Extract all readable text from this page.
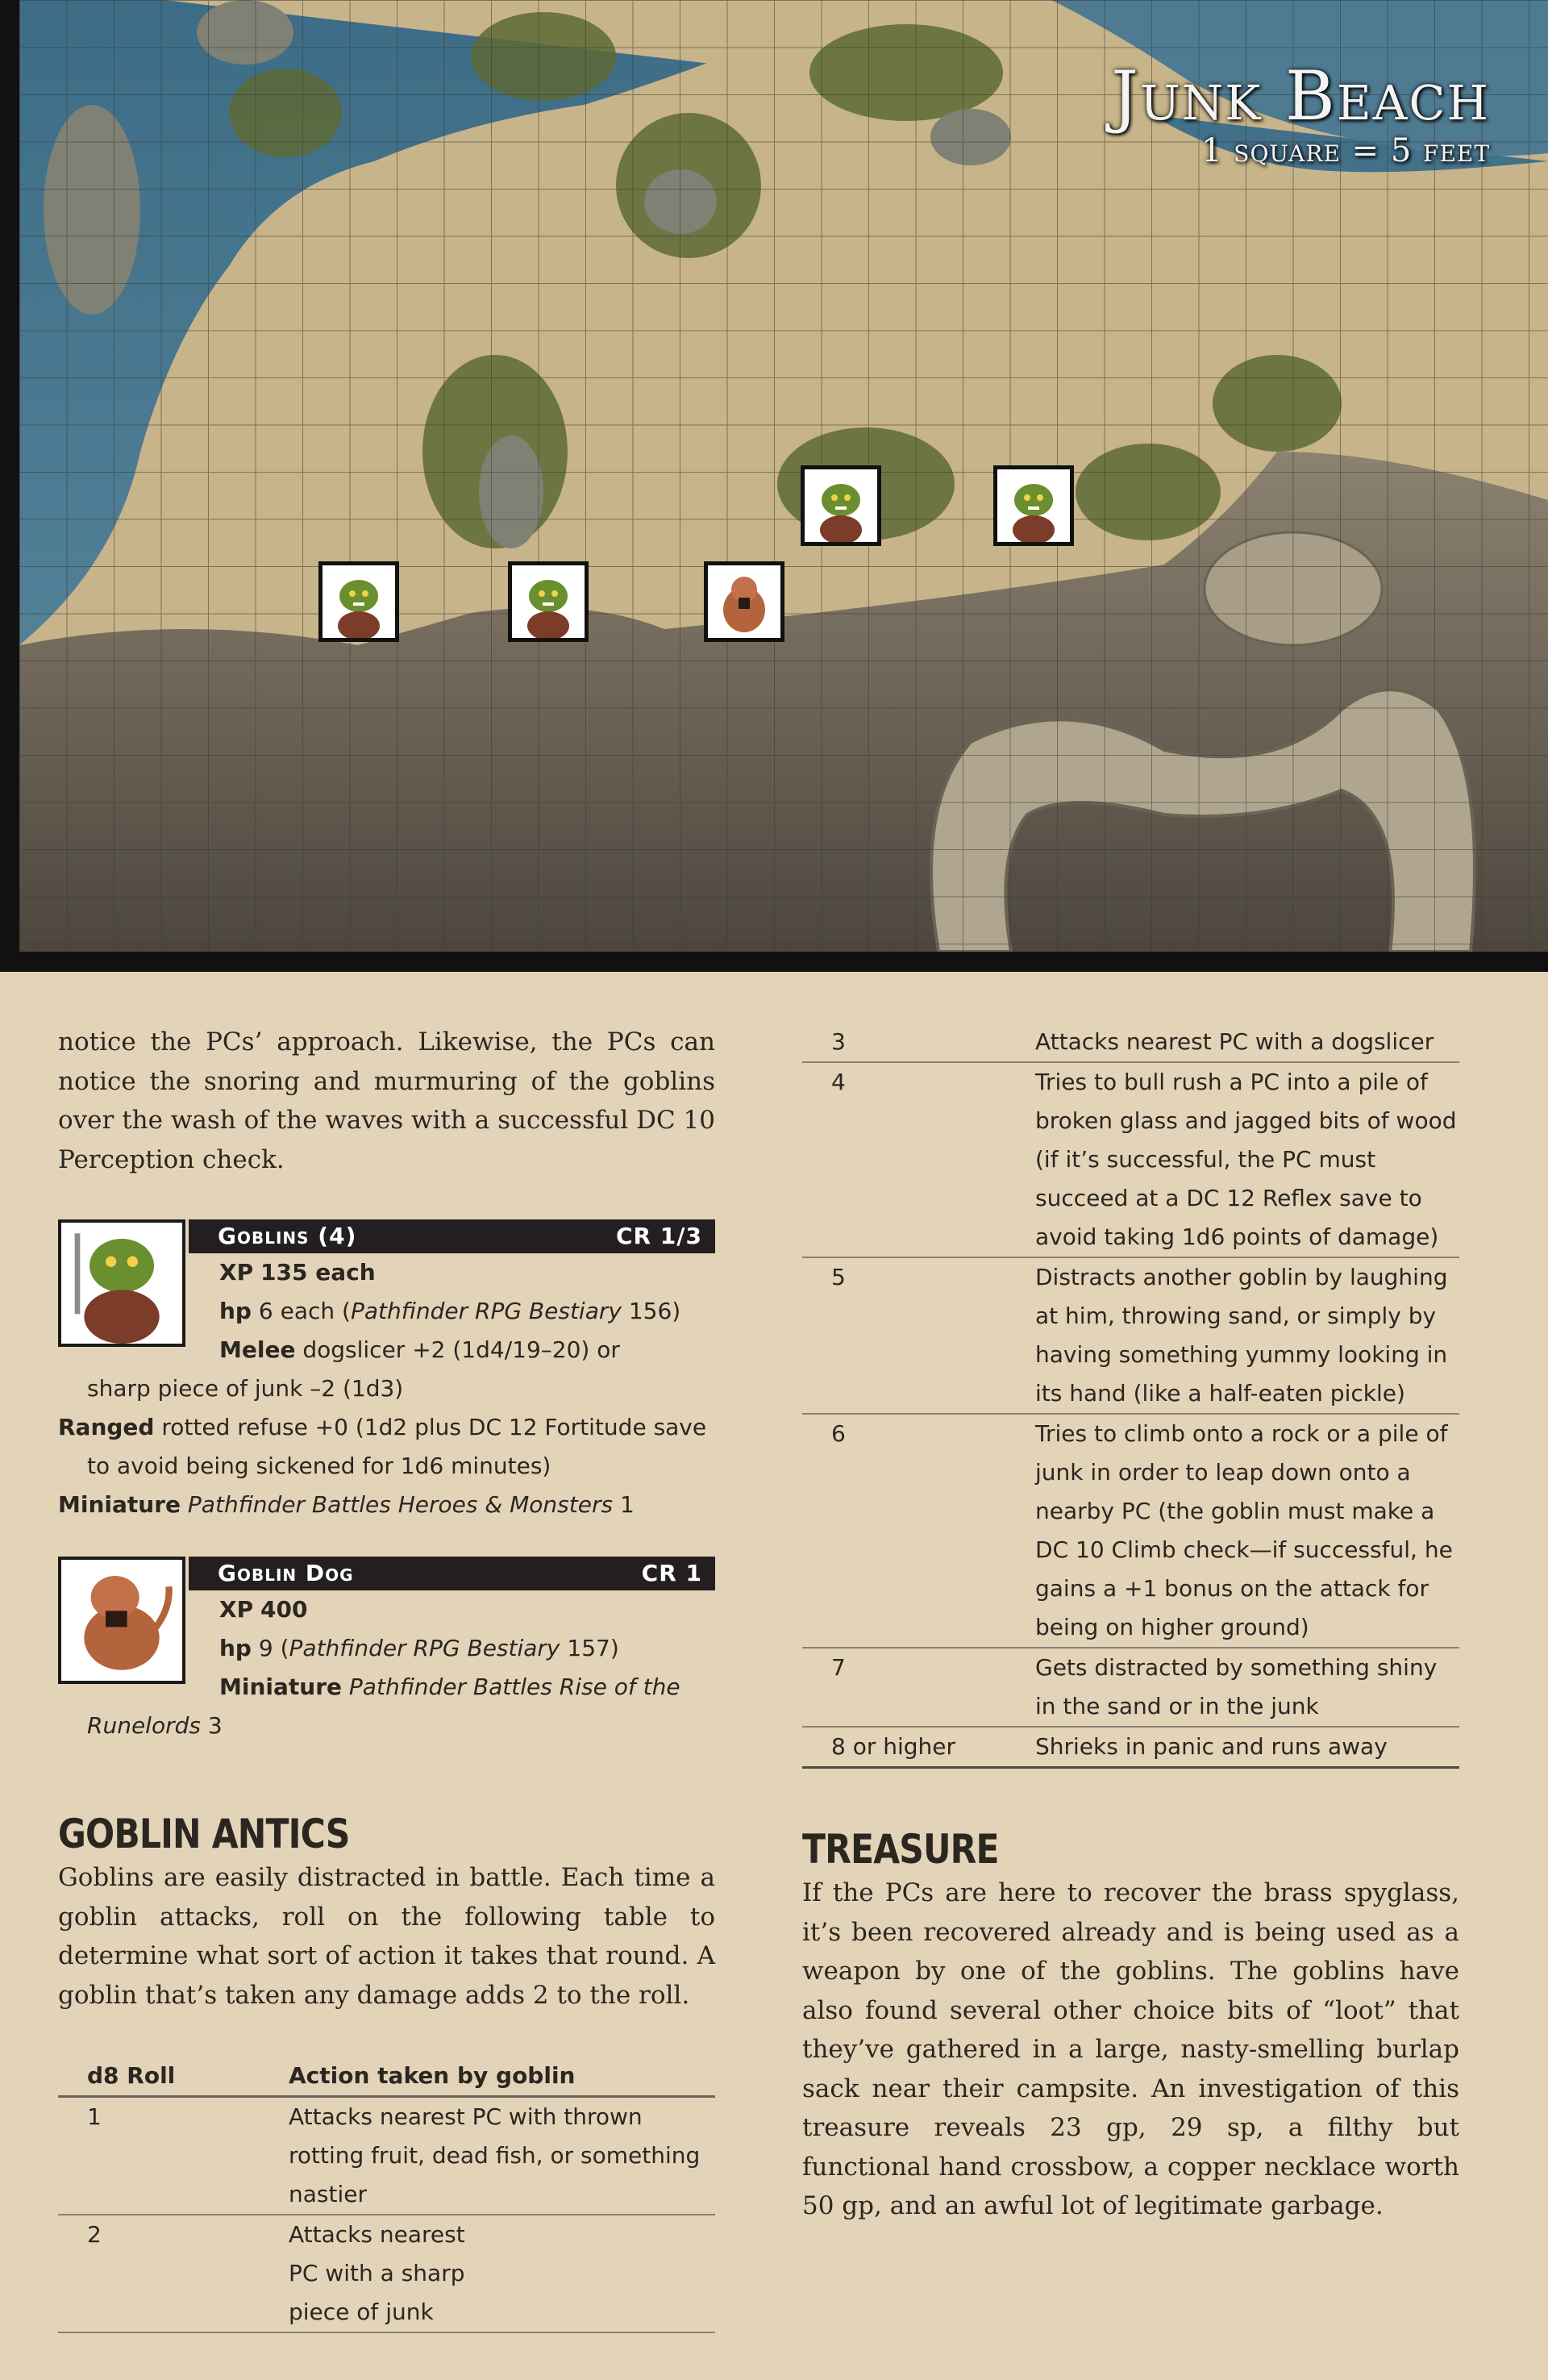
Junk Beach
1 square = 5 feet

notice the PCs’ approach. Likewise, the PCs can notice the snoring and murmuring of the goblins over the wash of the waves with a successful DC 10 Perception check.

Goblins (4)	CR 1/3
XP 135 each
hp 6 each (Pathfinder RPG Bestiary 156)
Melee dogslicer +2 (1d4/19–20) or
sharp piece of junk –2 (1d3)
Ranged rotted refuse +0 (1d2 plus DC 12 Fortitude save to avoid being sickened for 1d6 minutes)
Miniature Pathfinder Battles Heroes & Monsters 1
Goblin Dog	CR 1
XP 400
hp 9 (Pathfinder RPG Bestiary 157)
Miniature Pathfinder Battles Rise of the
Runelords 3
GOBLIN ANTICS

Goblins are easily distracted in battle. Each time a goblin attacks, roll on the following table to determine what sort of action it takes that round. A goblin that’s taken any damage adds 2 to the roll.

d8 Roll	Action taken by goblin
1	Attacks nearest PC with thrown rotting fruit, dead fish, or something nastier
2	Attacks nearest PC with a sharp piece of junk
3	Attacks nearest PC with a dogslicer
4	Tries to bull rush a PC into a pile of broken glass and jagged bits of wood (if it’s successful, the PC must succeed at a DC 12 Reflex save to avoid taking 1d6 points of damage)
5	Distracts another goblin by laughing at him, throwing sand, or simply by having something yummy looking in its hand (like a half-eaten pickle)
6	Tries to climb onto a rock or a pile of junk in order to leap down onto a nearby PC (the goblin must make a DC 10 Climb check—if successful, he gains a +1 bonus on the attack for being on higher ground)
7	Gets distracted by something shiny in the sand or in the junk
8 or higher	Shrieks in panic and runs away
TREASURE

If the PCs are here to recover the brass spyglass, it’s been recovered already and is being used as a weapon by one of the goblins. The goblins have also found several other choice bits of “loot” that they’ve gathered in a large, nasty-smelling burlap sack near their campsite. An investigation of this treasure reveals 23 gp, 29 sp, a filthy but functional hand crossbow, a copper necklace worth 50 gp, and an awful lot of legitimate garbage.
